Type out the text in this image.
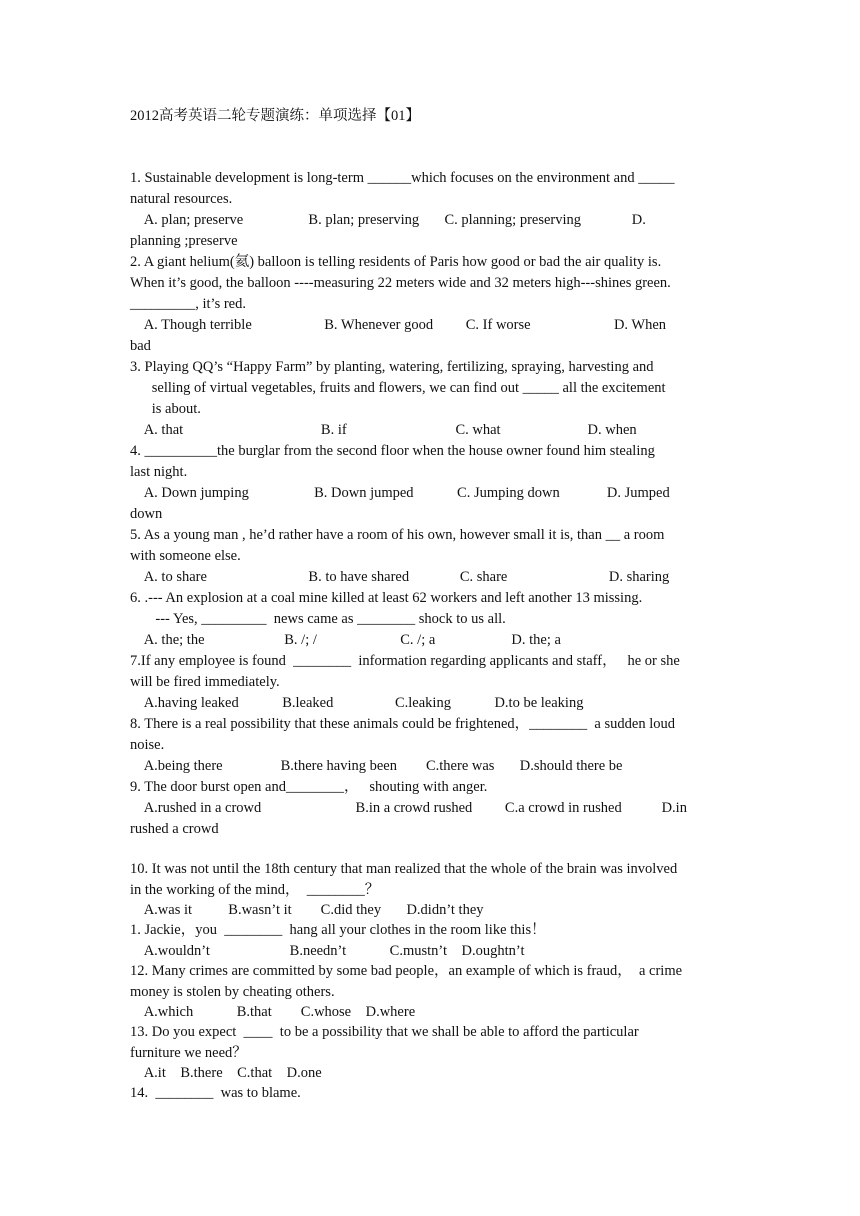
2012高考英语二轮专题演练：单项选择【01】
1. Sustainable development is long-term ______which focuses on the environment and _____
natural resources.
A. plan; preserve                  B. plan; preserving       C. planning; preserving              D.
planning ;preserve
2. A giant helium(氦) balloon is telling residents of Paris how good or bad the air quality is.
When it’s good, the balloon ----measuring 22 meters wide and 32 meters high---shines green.
_________, it’s red.
A. Though terrible                    B. Whenever good         C. If worse                       D. When
bad
3. Playing QQ’s “Happy Farm” by planting, watering, fertilizing, spraying, harvesting and
selling of virtual vegetables, fruits and flowers, we can find out _____ all the excitement
is about.
A. that                                      B. if                              C. what                        D. when
4. __________the burglar from the second floor when the house owner found him stealing
last night.
A. Down jumping                  B. Down jumped            C. Jumping down             D. Jumped
down
5. As a young man , he’d rather have a room of his own, however small it is, than __ a room
with someone else.
A. to share                            B. to have shared              C. share                            D. sharing
6. .--- An explosion at a coal mine killed at least 62 workers and left another 13 missing.
--- Yes, _________  news came as ________ shock to us all.
A. the; the                      B. /; /                       C. /; a                     D. the; a
7.If any employee is found  ________  information regarding applicants and staff，   he or she
will be fired immediately.
A.having leaked            B.leaked                 C.leaking            D.to be leaking
8. There is a real possibility that these animals could be frightened，________  a sudden loud
noise.
A.being there                B.there having been        C.there was       D.should there be
9. The door burst open and________，   shouting with anger.
A.rushed in a crowd                          B.in a crowd rushed         C.a crowd in rushed           D.in
rushed a crowd
10. It was not until the 18th century that man realized that the whole of the brain was involved
in the working of the mind，  ________？
A.was it          B.wasn’t it        C.did they       D.didn’t they
1. Jackie，you  ________  hang all your clothes in the room like this！
A.wouldn’t                      B.needn’t            C.mustn’t    D.oughtn’t
12. Many crimes are committed by some bad people，an example of which is fraud，  a crime
money is stolen by cheating others.
A.which            B.that        C.whose    D.where
13. Do you expect  ____  to be a possibility that we shall be able to afford the particular
furniture we need？
A.it    B.there    C.that    D.one
14.  ________  was to blame.
